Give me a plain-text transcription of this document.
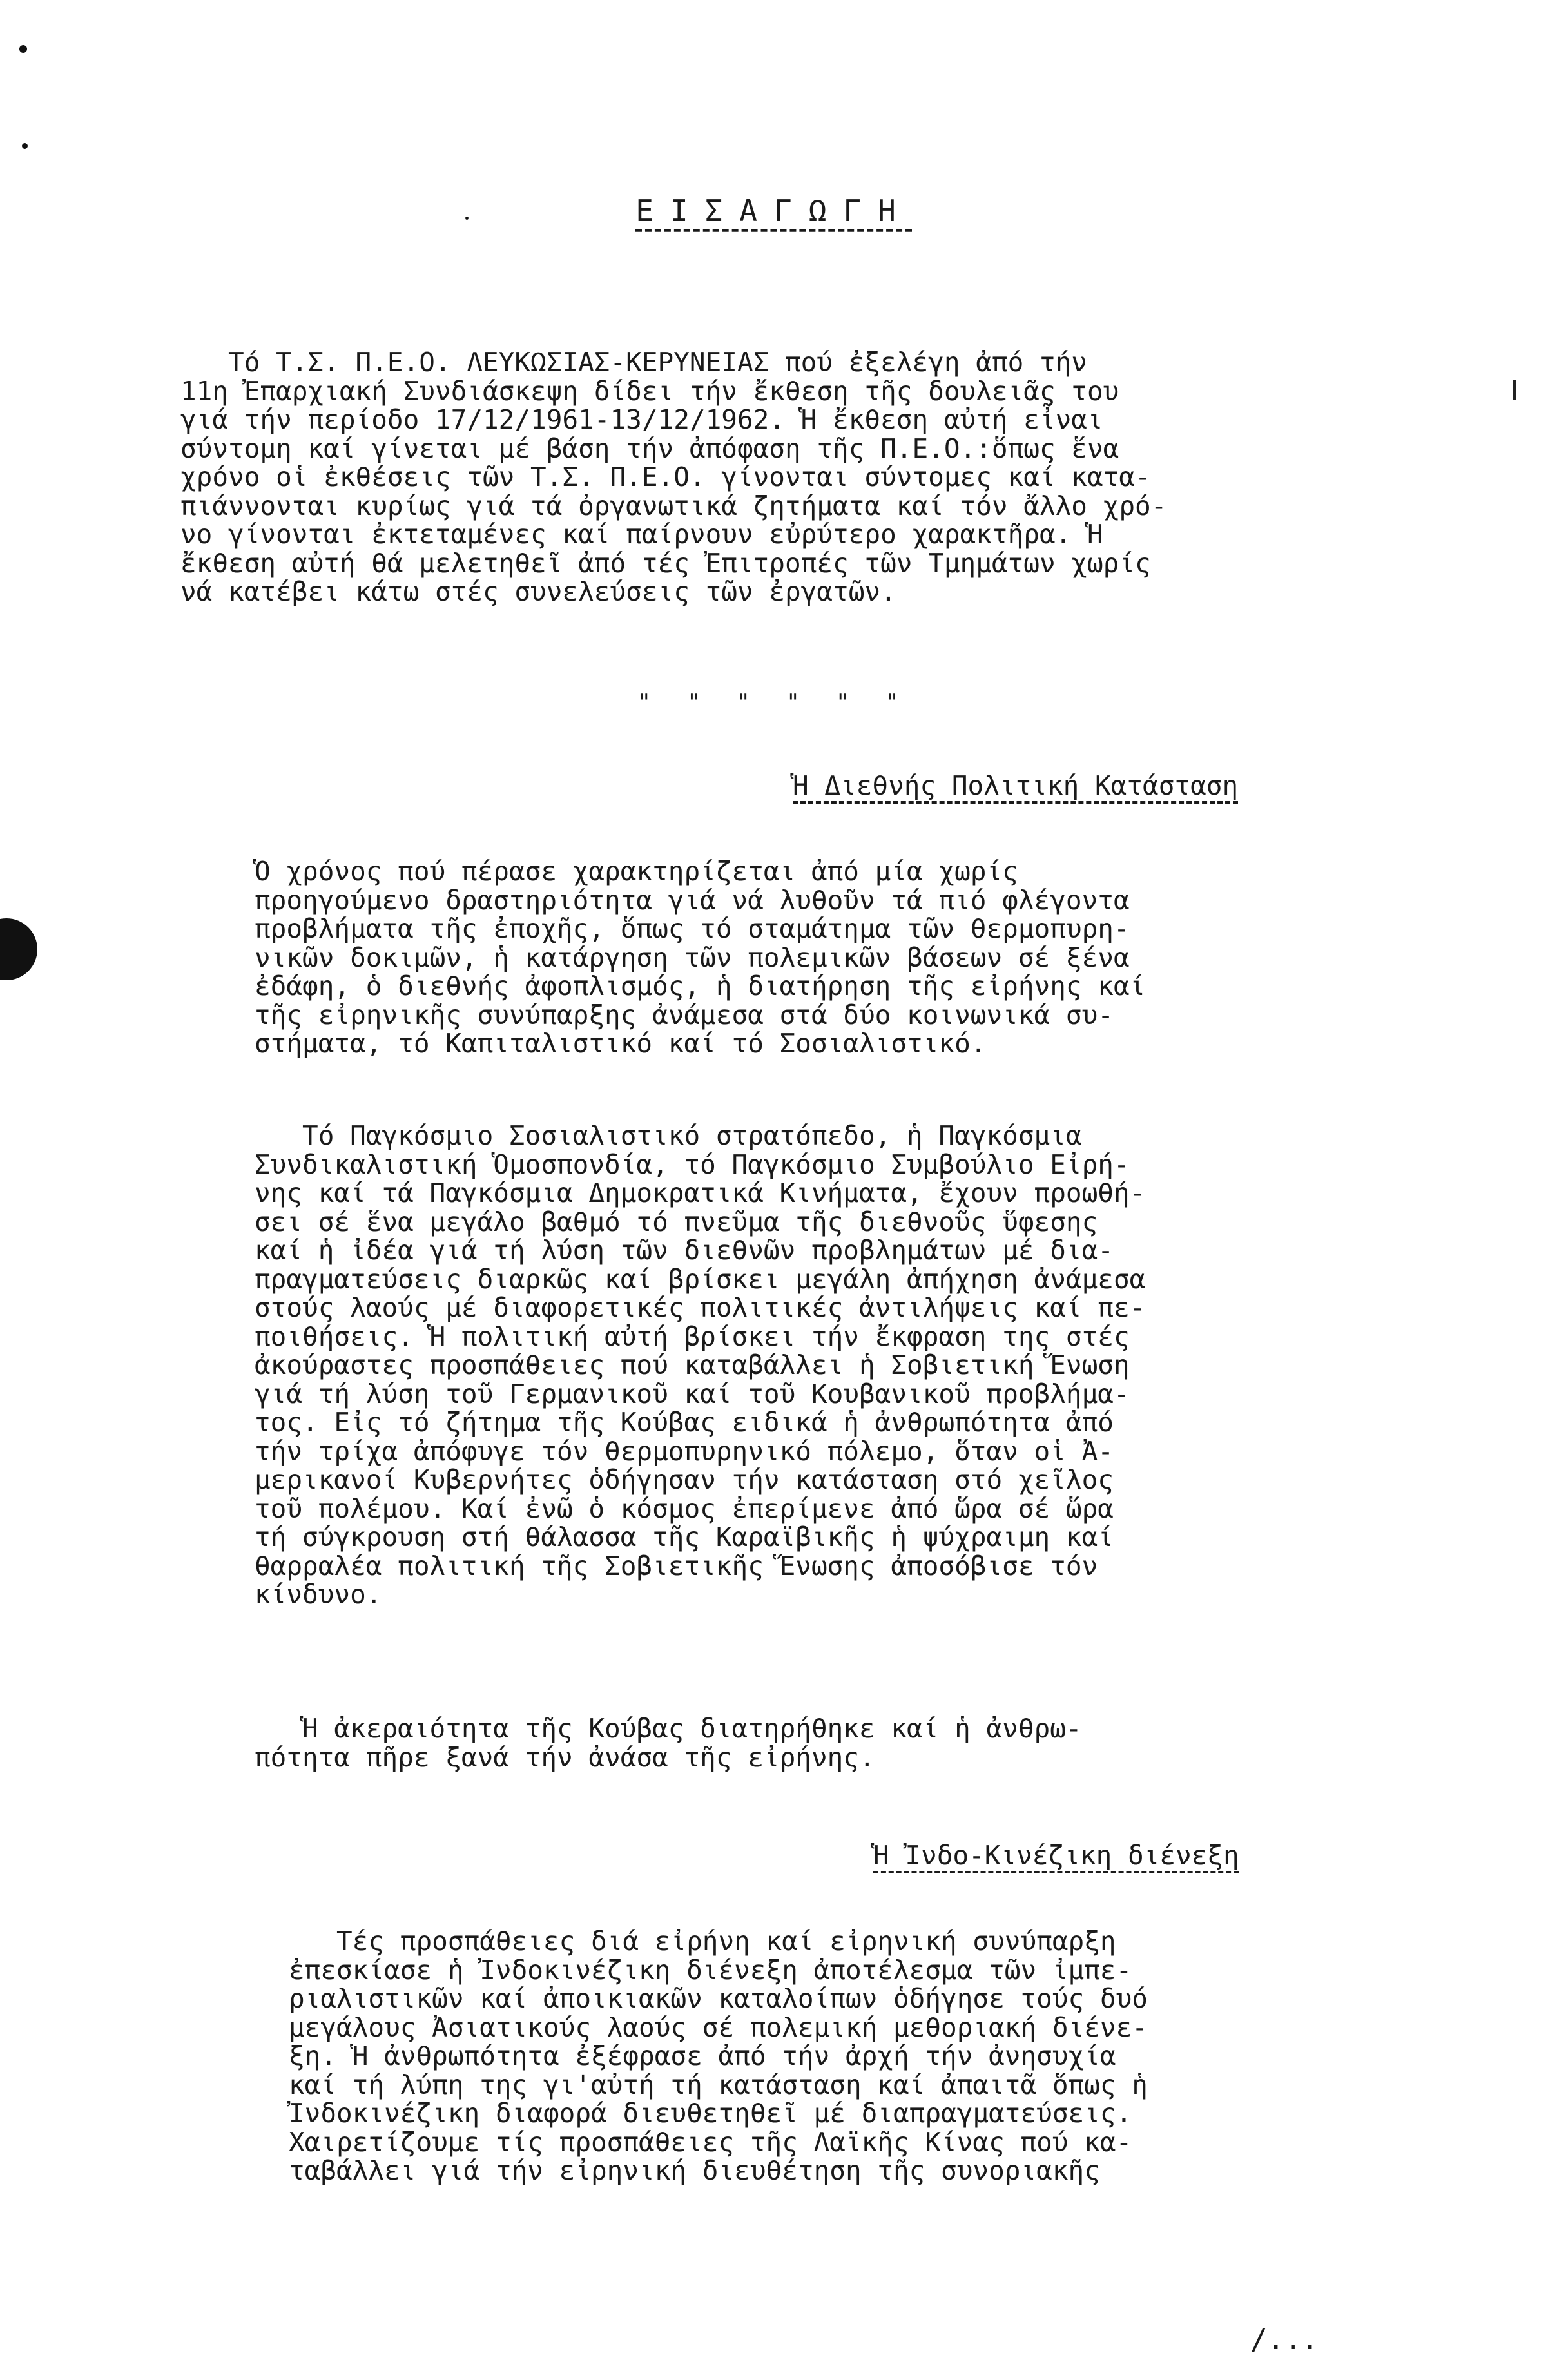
ΕΙΣΑΓΩΓΗ
Τό Τ.Σ. Π.Ε.Ο. ΛΕΥΚΩΣΙΑΣ-ΚΕΡΥΝΕΙΑΣ πού ἐξελέγη ἀπό τήν
11η Ἐπαρχιακή Συνδιάσκεψη δίδει τήν ἔκθεση τῆς δουλειᾶς του
γιά τήν περίοδο 17/12/1961-13/12/1962. Ἡ ἔκθεση αὐτή εἶναι
σύντομη καί γίνεται μέ βάση τήν ἀπόφαση τῆς Π.Ε.Ο.:ὅπως ἕνα
χρόνο οἱ ἐκθέσεις τῶν Τ.Σ. Π.Ε.Ο. γίνονται σύντομες καί κατα-
πιάννονται κυρίως γιά τά ὀργανωτικά ζητήματα καί τόν ἄλλο χρό-
νο γίνονται ἐκτεταμένες καί παίρνουν εὐρύτερο χαρακτῆρα. Ἡ
ἔκθεση αὐτή θά μελετηθεῖ ἀπό τές Ἐπιτροπές τῶν Τμημάτων χωρίς
νά κατέβει κάτω στές συνελεύσεις τῶν ἐργατῶν.
" " " " " "
Ἡ Διεθνής Πολιτική Κατάσταση
Ὁ χρόνος πού πέρασε χαρακτηρίζεται ἀπό μία χωρίς
προηγούμενο δραστηριότητα γιά νά λυθοῦν τά πιό φλέγοντα
προβλήματα τῆς ἐποχῆς, ὅπως τό σταμάτημα τῶν θερμοπυρη-
νικῶν δοκιμῶν, ἡ κατάργηση τῶν πολεμικῶν βάσεων σέ ξένα
ἐδάφη, ὁ διεθνής ἀφοπλισμός, ἡ διατήρηση τῆς εἰρήνης καί
τῆς εἰρηνικῆς συνύπαρξης ἀνάμεσα στά δύο κοινωνικά συ-
στήματα, τό Καπιταλιστικό καί τό Σοσιαλιστικό.
Τό Παγκόσμιο Σοσιαλιστικό στρατόπεδο, ἡ Παγκόσμια
Συνδικαλιστική Ὁμοσπονδία, τό Παγκόσμιο Συμβούλιο Εἰρή-
νης καί τά Παγκόσμια Δημοκρατικά Κινήματα, ἔχουν προωθή-
σει σέ ἕνα μεγάλο βαθμό τό πνεῦμα τῆς διεθνοῦς ὕφεσης
καί ἡ ἰδέα γιά τή λύση τῶν διεθνῶν προβλημάτων μέ δια-
πραγματεύσεις διαρκῶς καί βρίσκει μεγάλη ἀπήχηση ἀνάμεσα
στούς λαούς μέ διαφορετικές πολιτικές ἀντιλήψεις καί πε-
ποιθήσεις. Ἡ πολιτική αὐτή βρίσκει τήν ἔκφραση της στές
ἀκούραστες προσπάθειες πού καταβάλλει ἡ Σοβιετική Ἕνωση
γιά τή λύση τοῦ Γερμανικοῦ καί τοῦ Κουβανικοῦ προβλήμα-
τος. Εἰς τό ζήτημα τῆς Κούβας ειδικά ἡ ἀνθρωπότητα ἀπό
τήν τρίχα ἀπόφυγε τόν θερμοπυρηνικό πόλεμο, ὅταν οἱ Ἀ-
μερικανοί Κυβερνήτες ὁδήγησαν τήν κατάσταση στό χεῖλος
τοῦ πολέμου. Καί ἐνῶ ὁ κόσμος ἐπερίμενε ἀπό ὥρα σέ ὥρα
τή σύγκρουση στή θάλασσα τῆς Καραϊβικῆς ἡ ψύχραιμη καί
θαρραλέα πολιτική τῆς Σοβιετικῆς Ἕνωσης ἀποσόβισε τόν
κίνδυνο.
Ἡ ἀκεραιότητα τῆς Κούβας διατηρήθηκε καί ἡ ἀνθρω-
πότητα πῆρε ξανά τήν ἀνάσα τῆς εἰρήνης.
Ἡ Ἰνδο-Κινέζικη διένεξη
Τές προσπάθειες διά εἰρήνη καί εἰρηνική συνύπαρξη
ἐπεσκίασε ἡ Ἰνδοκινέζικη διένεξη ἀποτέλεσμα τῶν ἰμπε-
ριαλιστικῶν καί ἀποικιακῶν καταλοίπων ὁδήγησε τούς δυό
μεγάλους Ἀσιατικούς λαούς σέ πολεμική μεθοριακή διένε-
ξη. Ἡ ἀνθρωπότητα ἐξέφρασε ἀπό τήν ἀρχή τήν ἀνησυχία
καί τή λύπη της γι'αὐτή τή κατάσταση καί ἀπαιτᾶ ὅπως ἡ
Ἰνδοκινέζικη διαφορά διευθετηθεῖ μέ διαπραγματεύσεις.
Χαιρετίζουμε τίς προσπάθειες τῆς Λαϊκῆς Κίνας πού κα-
ταβάλλει γιά τήν εἰρηνική διευθέτηση τῆς συνοριακῆς
/...
